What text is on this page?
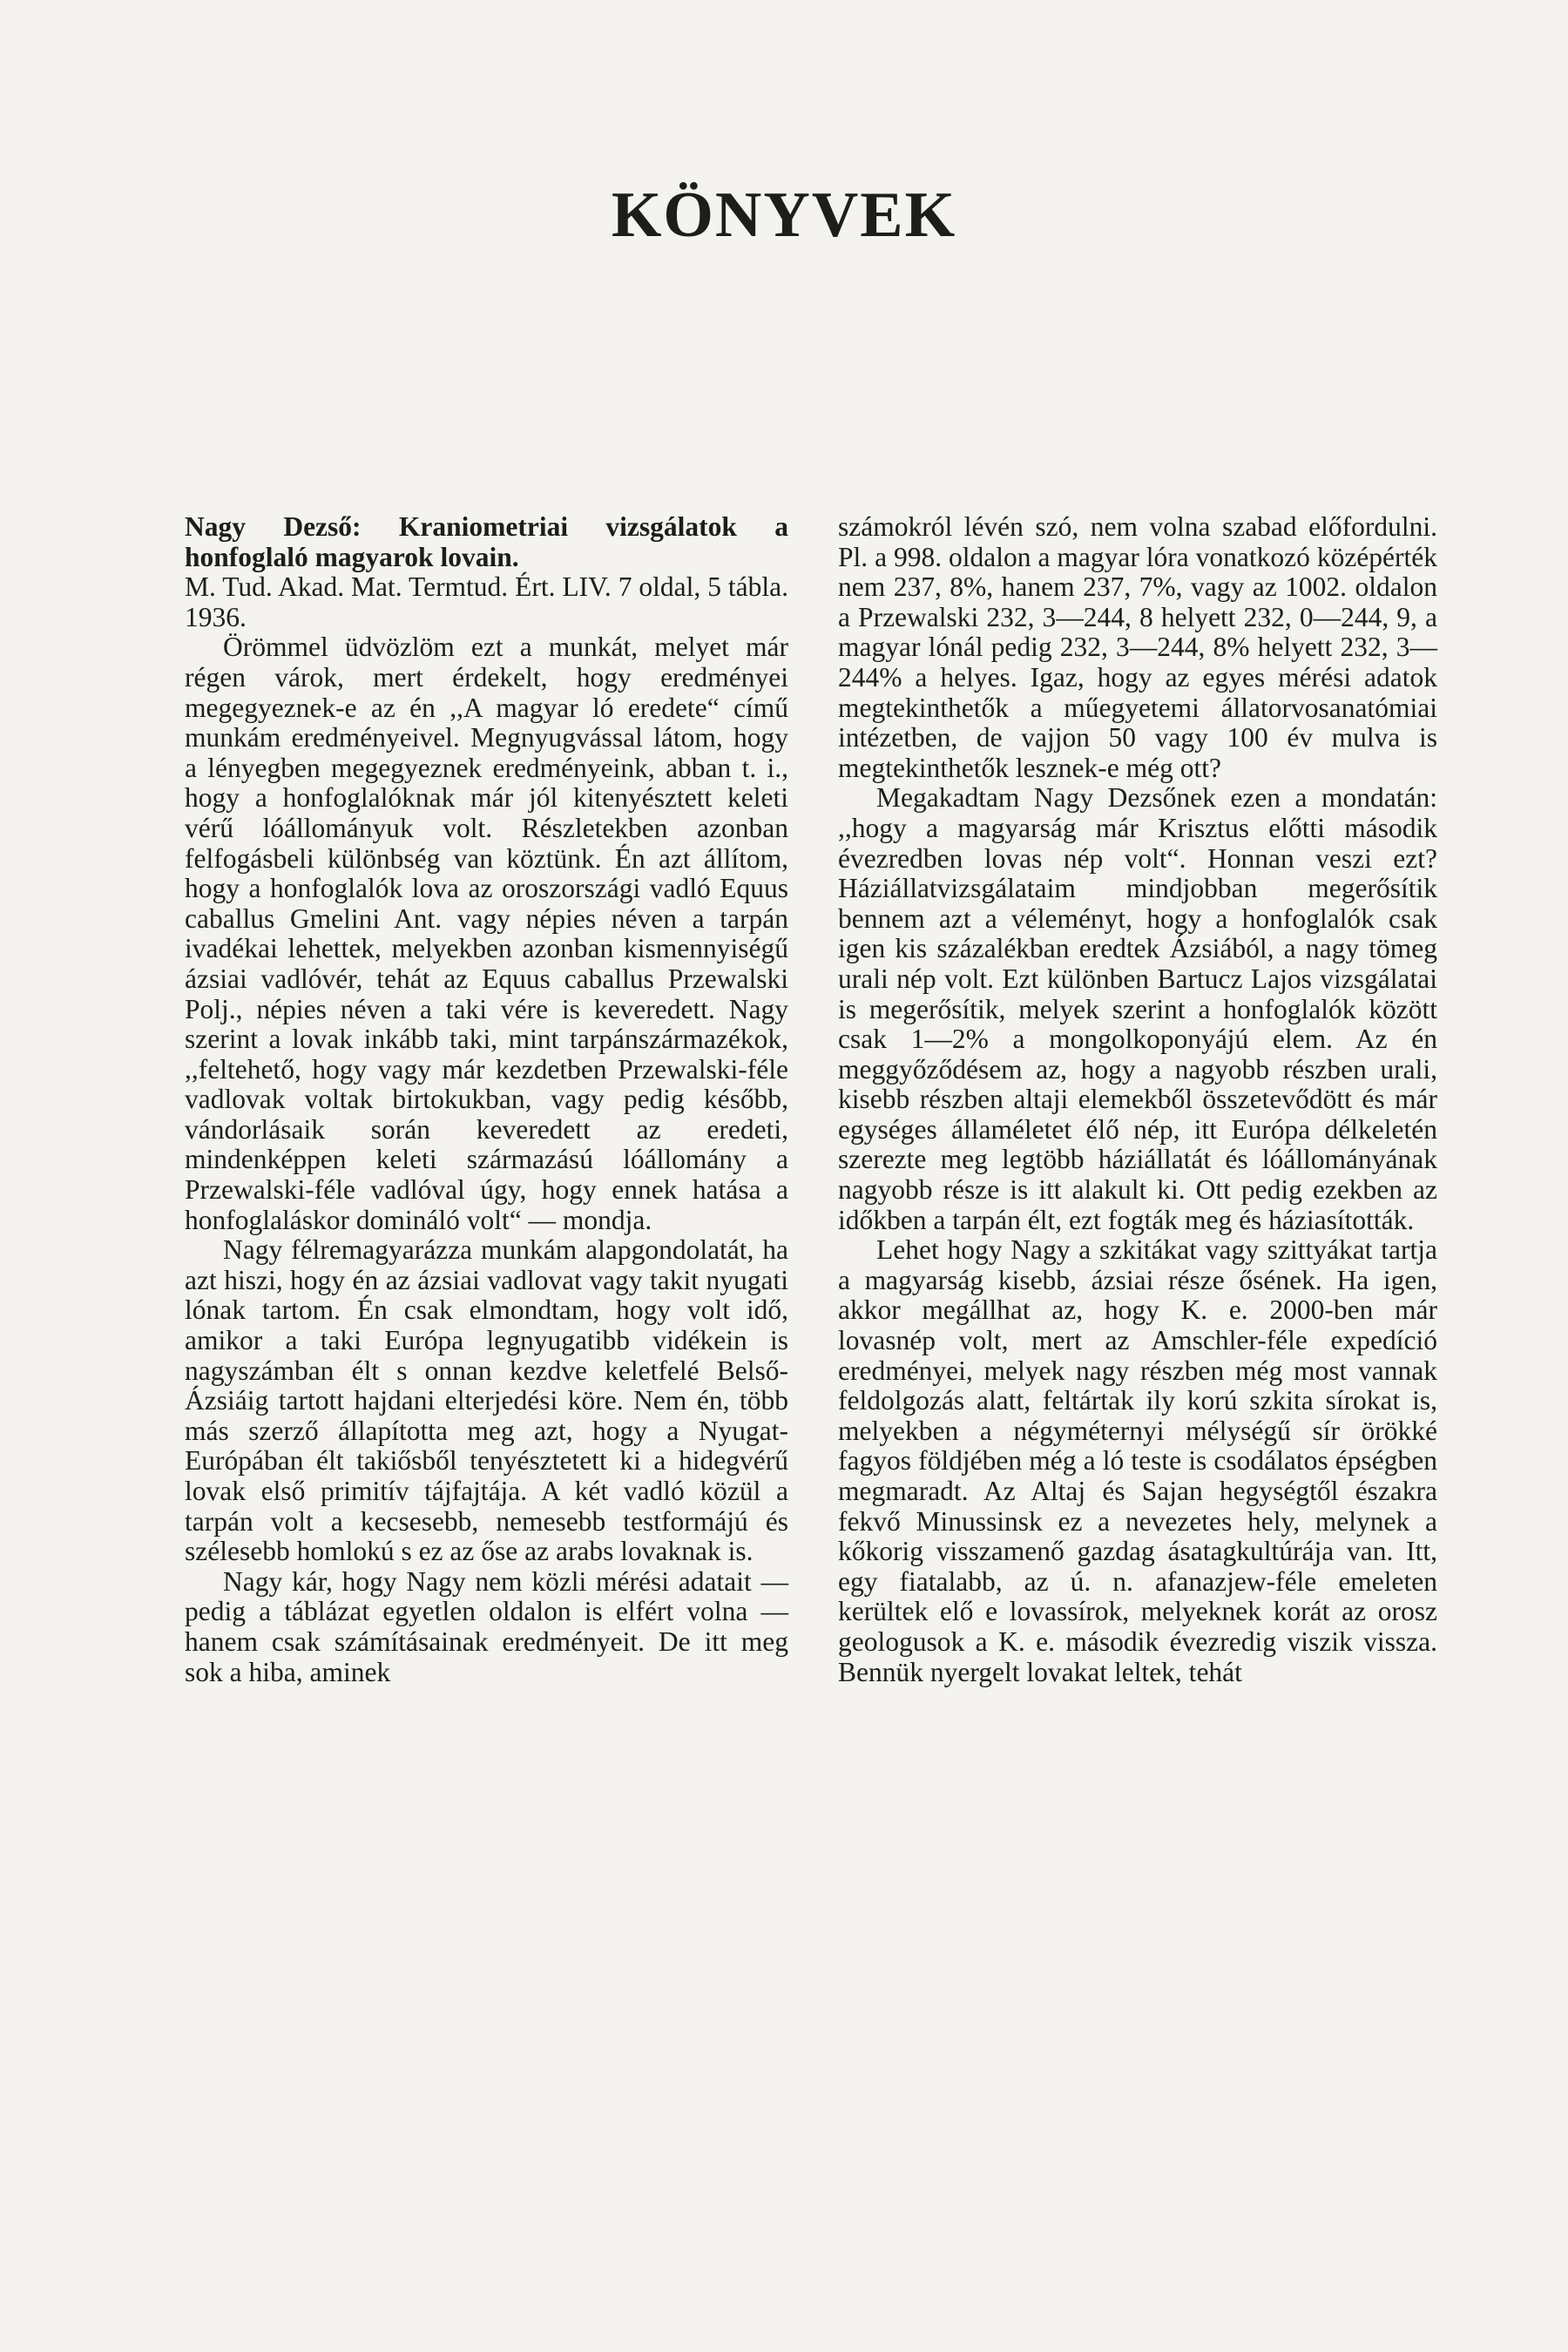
KÖNYVEK

Nagy Dezső: Kraniometriai vizsgálatok a honfoglaló magyarok lovain.

M. Tud. Akad. Mat. Termtud. Ért. LIV. 7 oldal, 5 tábla. 1936.

Örömmel üdvözlöm ezt a munkát, melyet már régen várok, mert érdekelt, hogy eredményei megegyeznek-e az én ,,A magyar ló eredete“ című munkám eredményeivel. Megnyugvással látom, hogy a lényegben megegyeznek eredményeink, abban t. i., hogy a honfoglalóknak már jól kitenyésztett keleti vérű lóállományuk volt. Részletekben azonban felfogásbeli különbség van köztünk. Én azt állítom, hogy a honfoglalók lova az oroszországi vadló Equus caballus Gmelini Ant. vagy népies néven a tarpán ivadékai lehettek, melyekben azonban kismennyiségű ázsiai vadlóvér, tehát az Equus caballus Przewalski Polj., népies néven a taki vére is keveredett. Nagy szerint a lovak inkább taki, mint tarpánszármazékok, ,,feltehető, hogy vagy már kezdetben Przewalski-féle vadlovak voltak birtokukban, vagy pedig később, vándorlásaik során keveredett az eredeti, mindenképpen keleti származású lóállomány a Przewalski-féle vadlóval úgy, hogy ennek hatása a honfoglaláskor domináló volt“ — mondja.

Nagy félremagyarázza munkám alapgondolatát, ha azt hiszi, hogy én az ázsiai vadlovat vagy takit nyugati lónak tartom. Én csak elmondtam, hogy volt idő, amikor a taki Európa legnyugatibb vidékein is nagyszámban élt s onnan kezdve keletfelé Belső-Ázsiáig tartott hajdani elterjedési köre. Nem én, több más szerző állapította meg azt, hogy a Nyugat-Európában élt takiősből tenyésztetett ki a hidegvérű lovak első primitív tájfajtája. A két vadló közül a tarpán volt a kecsesebb, nemesebb testformájú és szélesebb homlokú s ez az őse az arabs lovaknak is.

Nagy kár, hogy Nagy nem közli mérési adatait — pedig a táblázat egyetlen oldalon is elfért volna — hanem csak számításainak eredményeit. De itt meg sok a hiba, aminek

számokról lévén szó, nem volna szabad előfordulni. Pl. a 998. oldalon a magyar lóra vonatkozó középérték nem 237, 8%, hanem 237, 7%, vagy az 1002. oldalon a Przewalski 232, 3—244, 8 helyett 232, 0—244, 9, a magyar lónál pedig 232, 3—244, 8% helyett 232, 3—244% a helyes. Igaz, hogy az egyes mérési adatok megtekinthetők a műegyetemi állatorvosanatómiai intézetben, de vajjon 50 vagy 100 év mulva is megtekinthetők lesznek-e még ott?

Megakadtam Nagy Dezsőnek ezen a mondatán: ,,hogy a magyarság már Krisztus előtti második évezredben lovas nép volt“. Honnan veszi ezt? Háziállatvizsgálataim mindjobban megerősítik bennem azt a véleményt, hogy a honfoglalók csak igen kis százalékban eredtek Ázsiából, a nagy tömeg urali nép volt. Ezt különben Bartucz Lajos vizsgálatai is megerősítik, melyek szerint a honfoglalók között csak 1—2% a mongolkoponyájú elem. Az én meggyőződésem az, hogy a nagyobb részben urali, kisebb részben altaji elemekből összetevődött és már egységes államéletet élő nép, itt Európa délkeletén szerezte meg legtöbb háziállatát és lóállományának nagyobb része is itt alakult ki. Ott pedig ezekben az időkben a tarpán élt, ezt fogták meg és háziasították.

Lehet hogy Nagy a szkitákat vagy szittyákat tartja a magyarság kisebb, ázsiai része ősének. Ha igen, akkor megállhat az, hogy K. e. 2000-ben már lovasnép volt, mert az Amschler-féle expedíció eredményei, melyek nagy részben még most vannak feldolgozás alatt, feltártak ily korú szkita sírokat is, melyekben a négyméternyi mélységű sír örökké fagyos földjében még a ló teste is csodálatos épségben megmaradt. Az Altaj és Sajan hegységtől északra fekvő Minussinsk ez a nevezetes hely, melynek a kőkorig visszamenő gazdag ásatagkultúrája van. Itt, egy fiatalabb, az ú. n. afanazjew-féle emeleten kerültek elő e lovassírok, melyeknek korát az orosz geologusok a K. e. második évezredig viszik vissza. Bennük nyergelt lovakat leltek, tehát
